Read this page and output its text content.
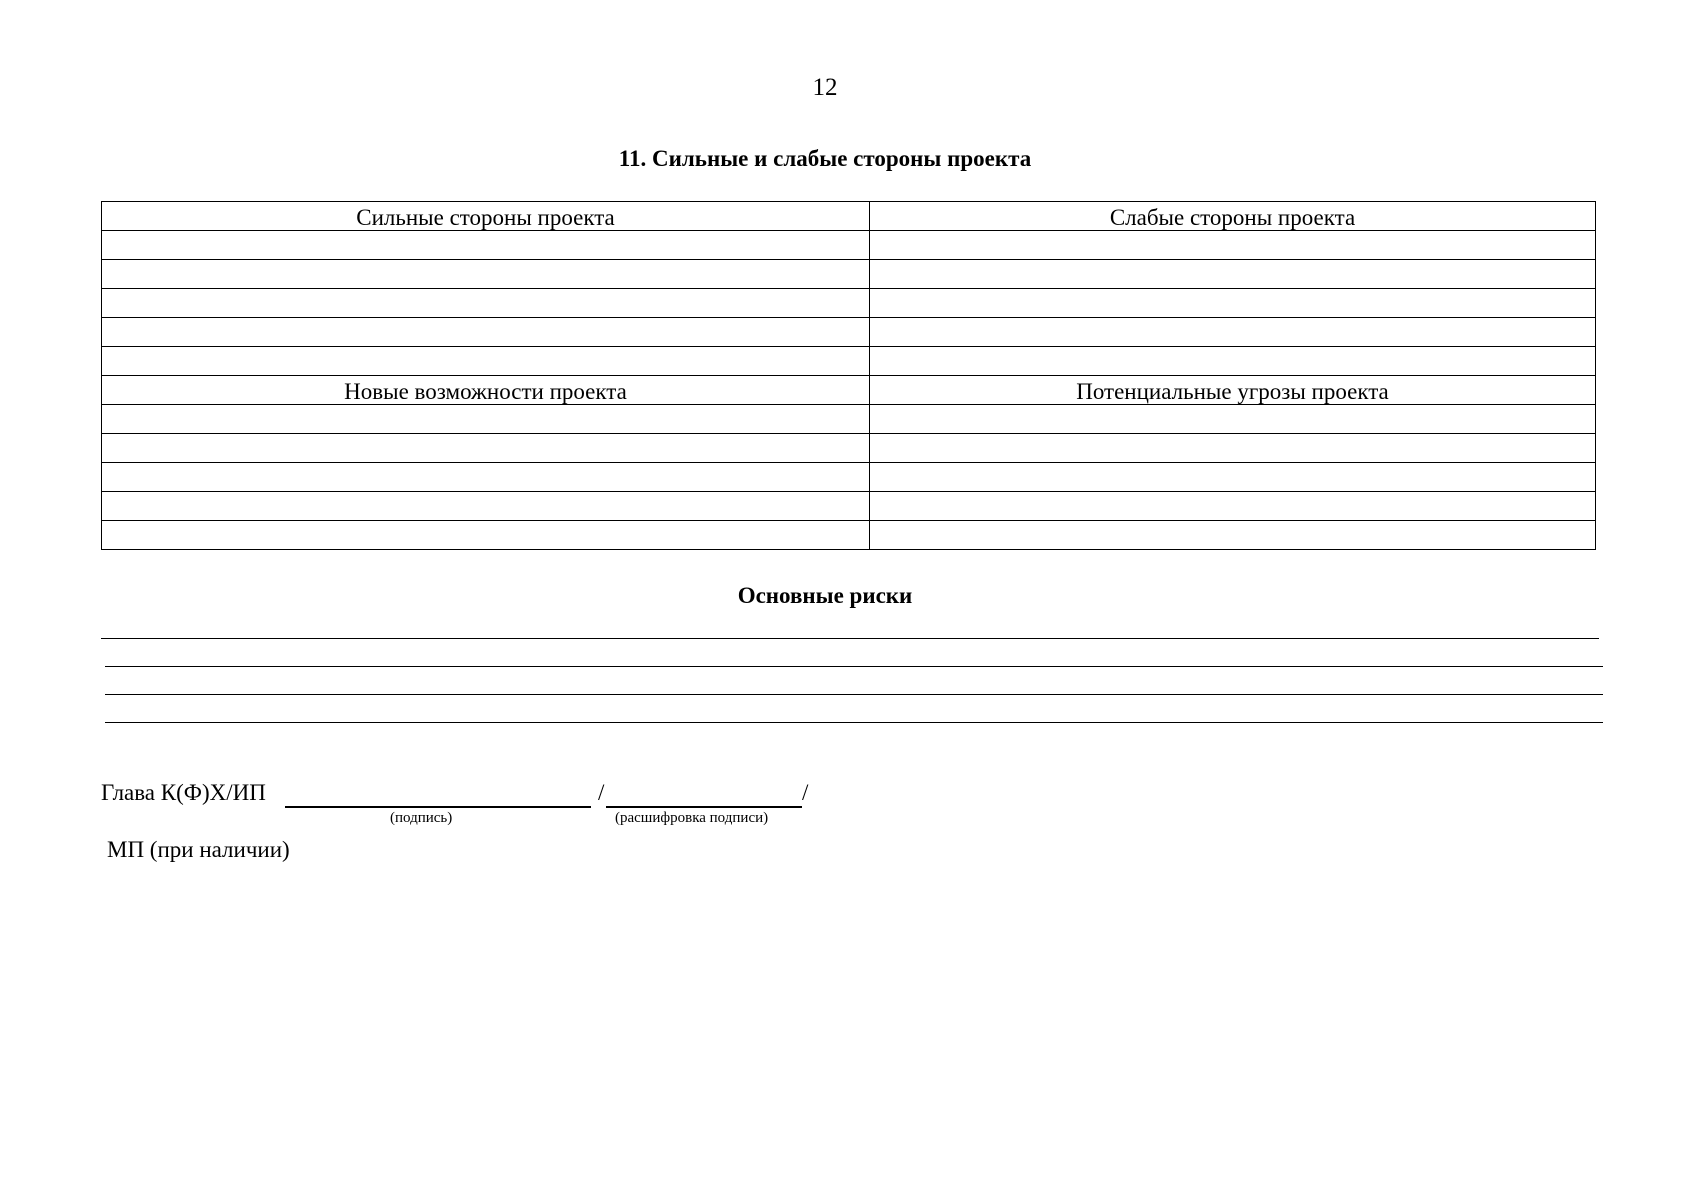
12
11. Сильные и слабые стороны проекта
Сильные стороны проекта	Слабые стороны проекта

Новые возможности проекта	Потенциальные угрозы проекта

Основные риски
Глава К(Ф)Х/ИП	/	/
(подпись)	(расшифровка подписи)
МП (при наличии)
